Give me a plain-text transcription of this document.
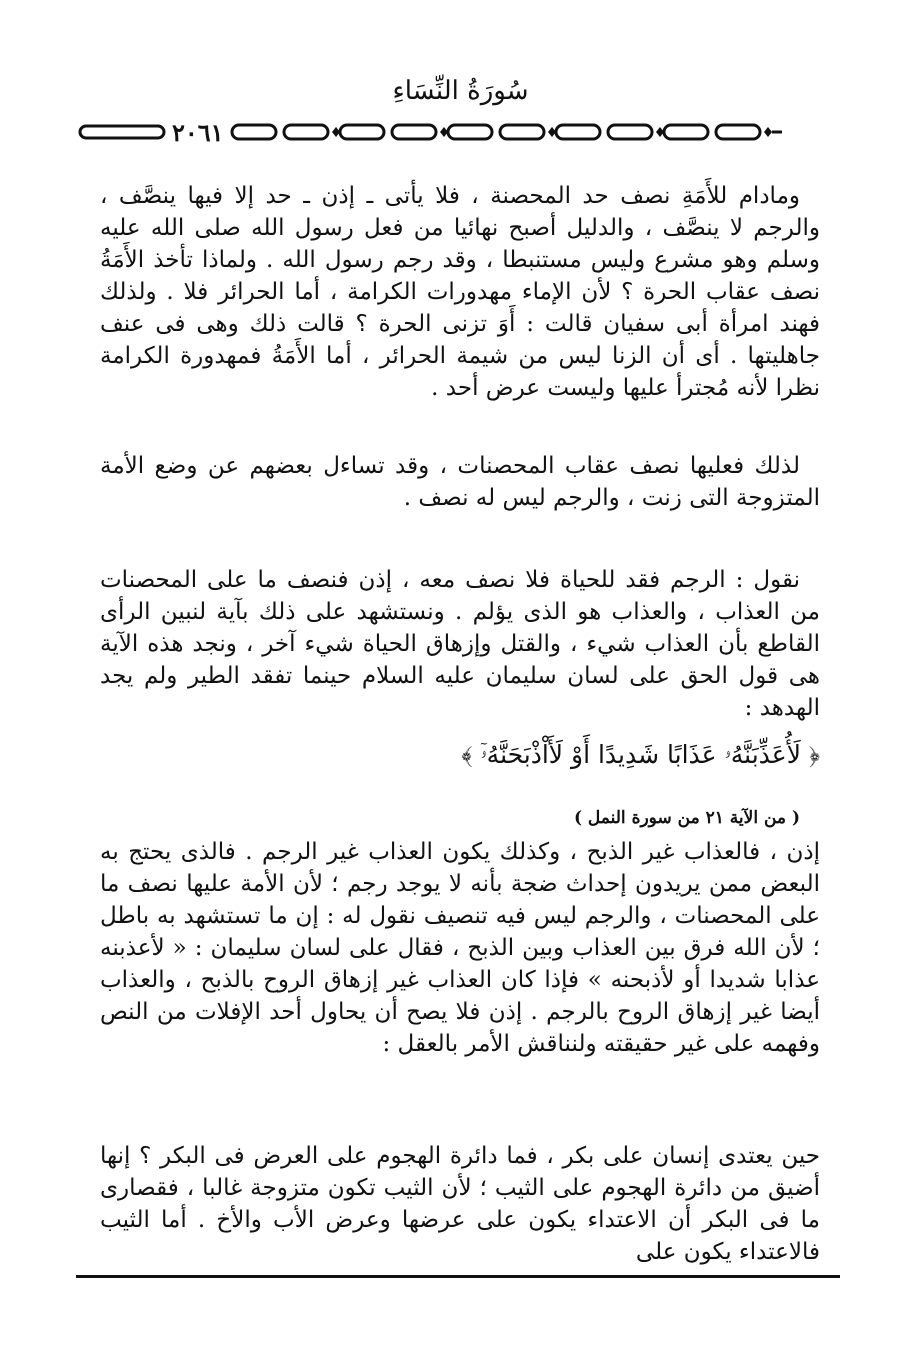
سُورَةُ النِّسَاءِ
٢٠٦١

ومادام للأَمَةِ نصف حد المحصنة ، فلا يأتى ـ إذن ـ حد إلا فيها ينصَّف ، والرجم لا ينصَّف ، والدليل أصبح نهائيا من فعل رسول الله صلى الله عليه وسلم وهو مشرع وليس مستنبطا ، وقد رجم رسول الله . ولماذا تأخذ الأَمَةُ نصف عقاب الحرة ؟ لأن الإماء مهدورات الكرامة ، أما الحرائر فلا . ولذلك فهند امرأة أبى سفيان قالت : أَوَ تزنى الحرة ؟ قالت ذلك وهى فى عنف جاهليتها . أى أن الزنا ليس من شيمة الحرائر ، أما الأَمَةُ فمهدورة الكرامة نظرا لأنه مُجترأ عليها وليست عرض أحد .

لذلك فعليها نصف عقاب المحصنات ، وقد تساءل بعضهم عن وضع الأمة المتزوجة التى زنت ، والرجم ليس له نصف .

نقول : الرجم فقد للحياة فلا نصف معه ، إذن فنصف ما على المحصنات من العذاب ، والعذاب هو الذى يؤلم . ونستشهد على ذلك بآية لنبين الرأى القاطع بأن العذاب شيء ، والقتل وإزهاق الحياة شيء آخر ، ونجد هذه الآية هى قول الحق على لسان سليمان عليه السلام حينما تفقد الطير ولم يجد الهدهد :

﴿ لَأُعَذِّبَنَّهُۥ عَذَابًا شَدِيدًا أَوْ لَأَاْذْبَحَنَّهُۥٓ ﴾

( من الآية ٢١ من سورة النمل )

إذن ، فالعذاب غير الذبح ، وكذلك يكون العذاب غير الرجم . فالذى يحتج به البعض ممن يريدون إحداث ضجة بأنه لا يوجد رجم ؛ لأن الأمة عليها نصف ما على المحصنات ، والرجم ليس فيه تنصيف نقول له : إن ما تستشهد به باطل ؛ لأن الله فرق بين العذاب وبين الذبح ، فقال على لسان سليمان : « لأعذبنه عذابا شديدا أو لأذبحنه » فإذا كان العذاب غير إزهاق الروح بالذبح ، والعذاب أيضا غير إزهاق الروح بالرجم . إذن فلا يصح أن يحاول أحد الإفلات من النص وفهمه على غير حقيقته ولنناقش الأمر بالعقل :

حين يعتدى إنسان على بكر ، فما دائرة الهجوم على العرض فى البكر ؟ إنها أضيق من دائرة الهجوم على الثيب ؛ لأن الثيب تكون متزوجة غالبا ، فقصارى ما فى البكر أن الاعتداء يكون على عرضها وعرض الأب والأخ . أما الثيب فالاعتداء يكون على
